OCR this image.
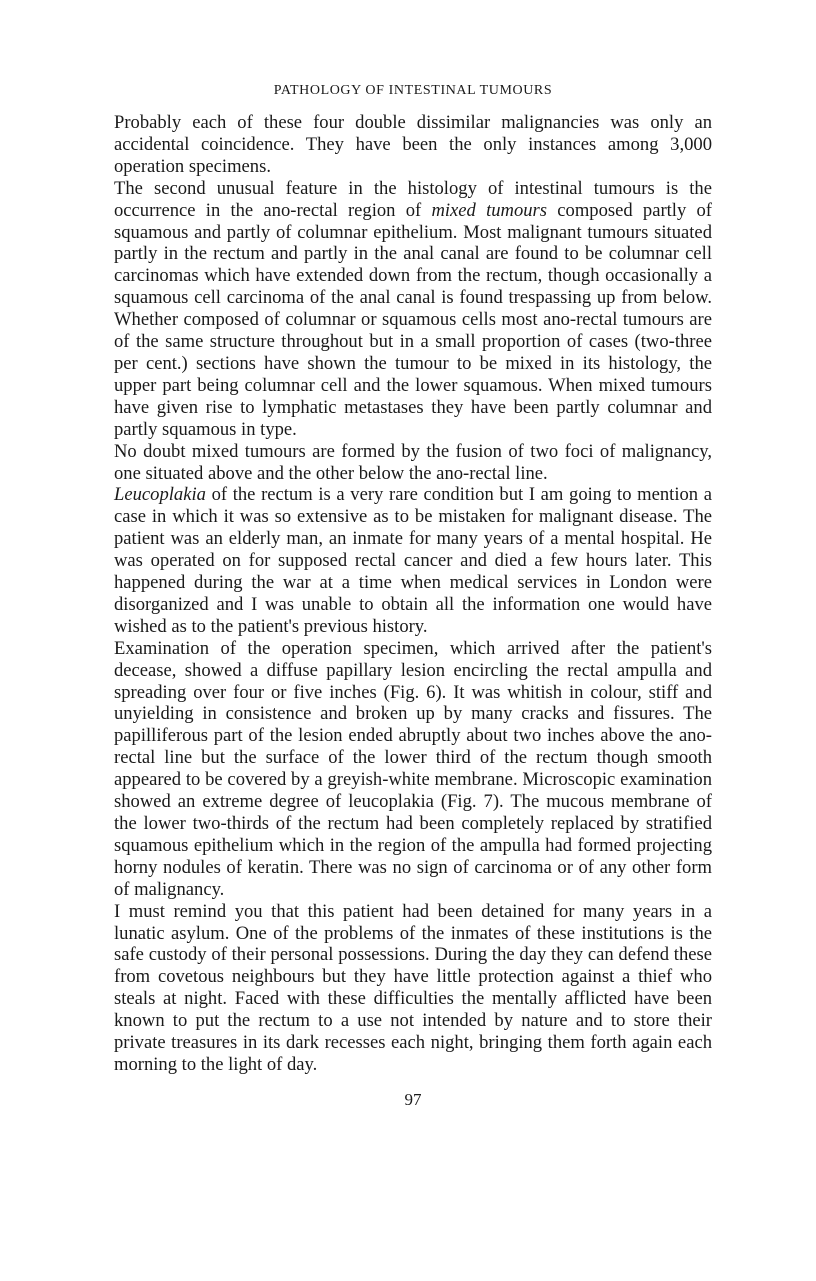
PATHOLOGY OF INTESTINAL TUMOURS

Probably each of these four double dissimilar malignancies was only an accidental coincidence. They have been the only instances among 3,000 operation specimens.

The second unusual feature in the histology of intestinal tumours is the occurrence in the ano-rectal region of mixed tumours composed partly of squamous and partly of columnar epithelium. Most malignant tumours situated partly in the rectum and partly in the anal canal are found to be columnar cell carcinomas which have extended down from the rectum, though occasionally a squamous cell carcinoma of the anal canal is found trespassing up from below. Whether composed of columnar or squamous cells most ano-rectal tumours are of the same structure throughout but in a small proportion of cases (two-three per cent.) sections have shown the tumour to be mixed in its histology, the upper part being columnar cell and the lower squamous. When mixed tumours have given rise to lymphatic metastases they have been partly columnar and partly squamous in type.

No doubt mixed tumours are formed by the fusion of two foci of malignancy, one situated above and the other below the ano-rectal line.

Leucoplakia of the rectum is a very rare condition but I am going to mention a case in which it was so extensive as to be mistaken for malignant disease. The patient was an elderly man, an inmate for many years of a mental hospital. He was operated on for supposed rectal cancer and died a few hours later. This happened during the war at a time when medical services in London were disorganized and I was unable to obtain all the information one would have wished as to the patient's previous history.

Examination of the operation specimen, which arrived after the patient's decease, showed a diffuse papillary lesion encircling the rectal ampulla and spreading over four or five inches (Fig. 6). It was whitish in colour, stiff and unyielding in consistence and broken up by many cracks and fissures. The papilliferous part of the lesion ended abruptly about two inches above the ano-rectal line but the surface of the lower third of the rectum though smooth appeared to be covered by a greyish-white membrane. Microscopic examination showed an extreme degree of leucoplakia (Fig. 7). The mucous membrane of the lower two-thirds of the rectum had been completely replaced by stratified squamous epithelium which in the region of the ampulla had formed projecting horny nodules of keratin. There was no sign of carcinoma or of any other form of malignancy.

I must remind you that this patient had been detained for many years in a lunatic asylum. One of the problems of the inmates of these institutions is the safe custody of their personal possessions. During the day they can defend these from covetous neighbours but they have little protection against a thief who steals at night. Faced with these difficulties the mentally afflicted have been known to put the rectum to a use not intended by nature and to store their private treasures in its dark recesses each night, bringing them forth again each morning to the light of day.

97
